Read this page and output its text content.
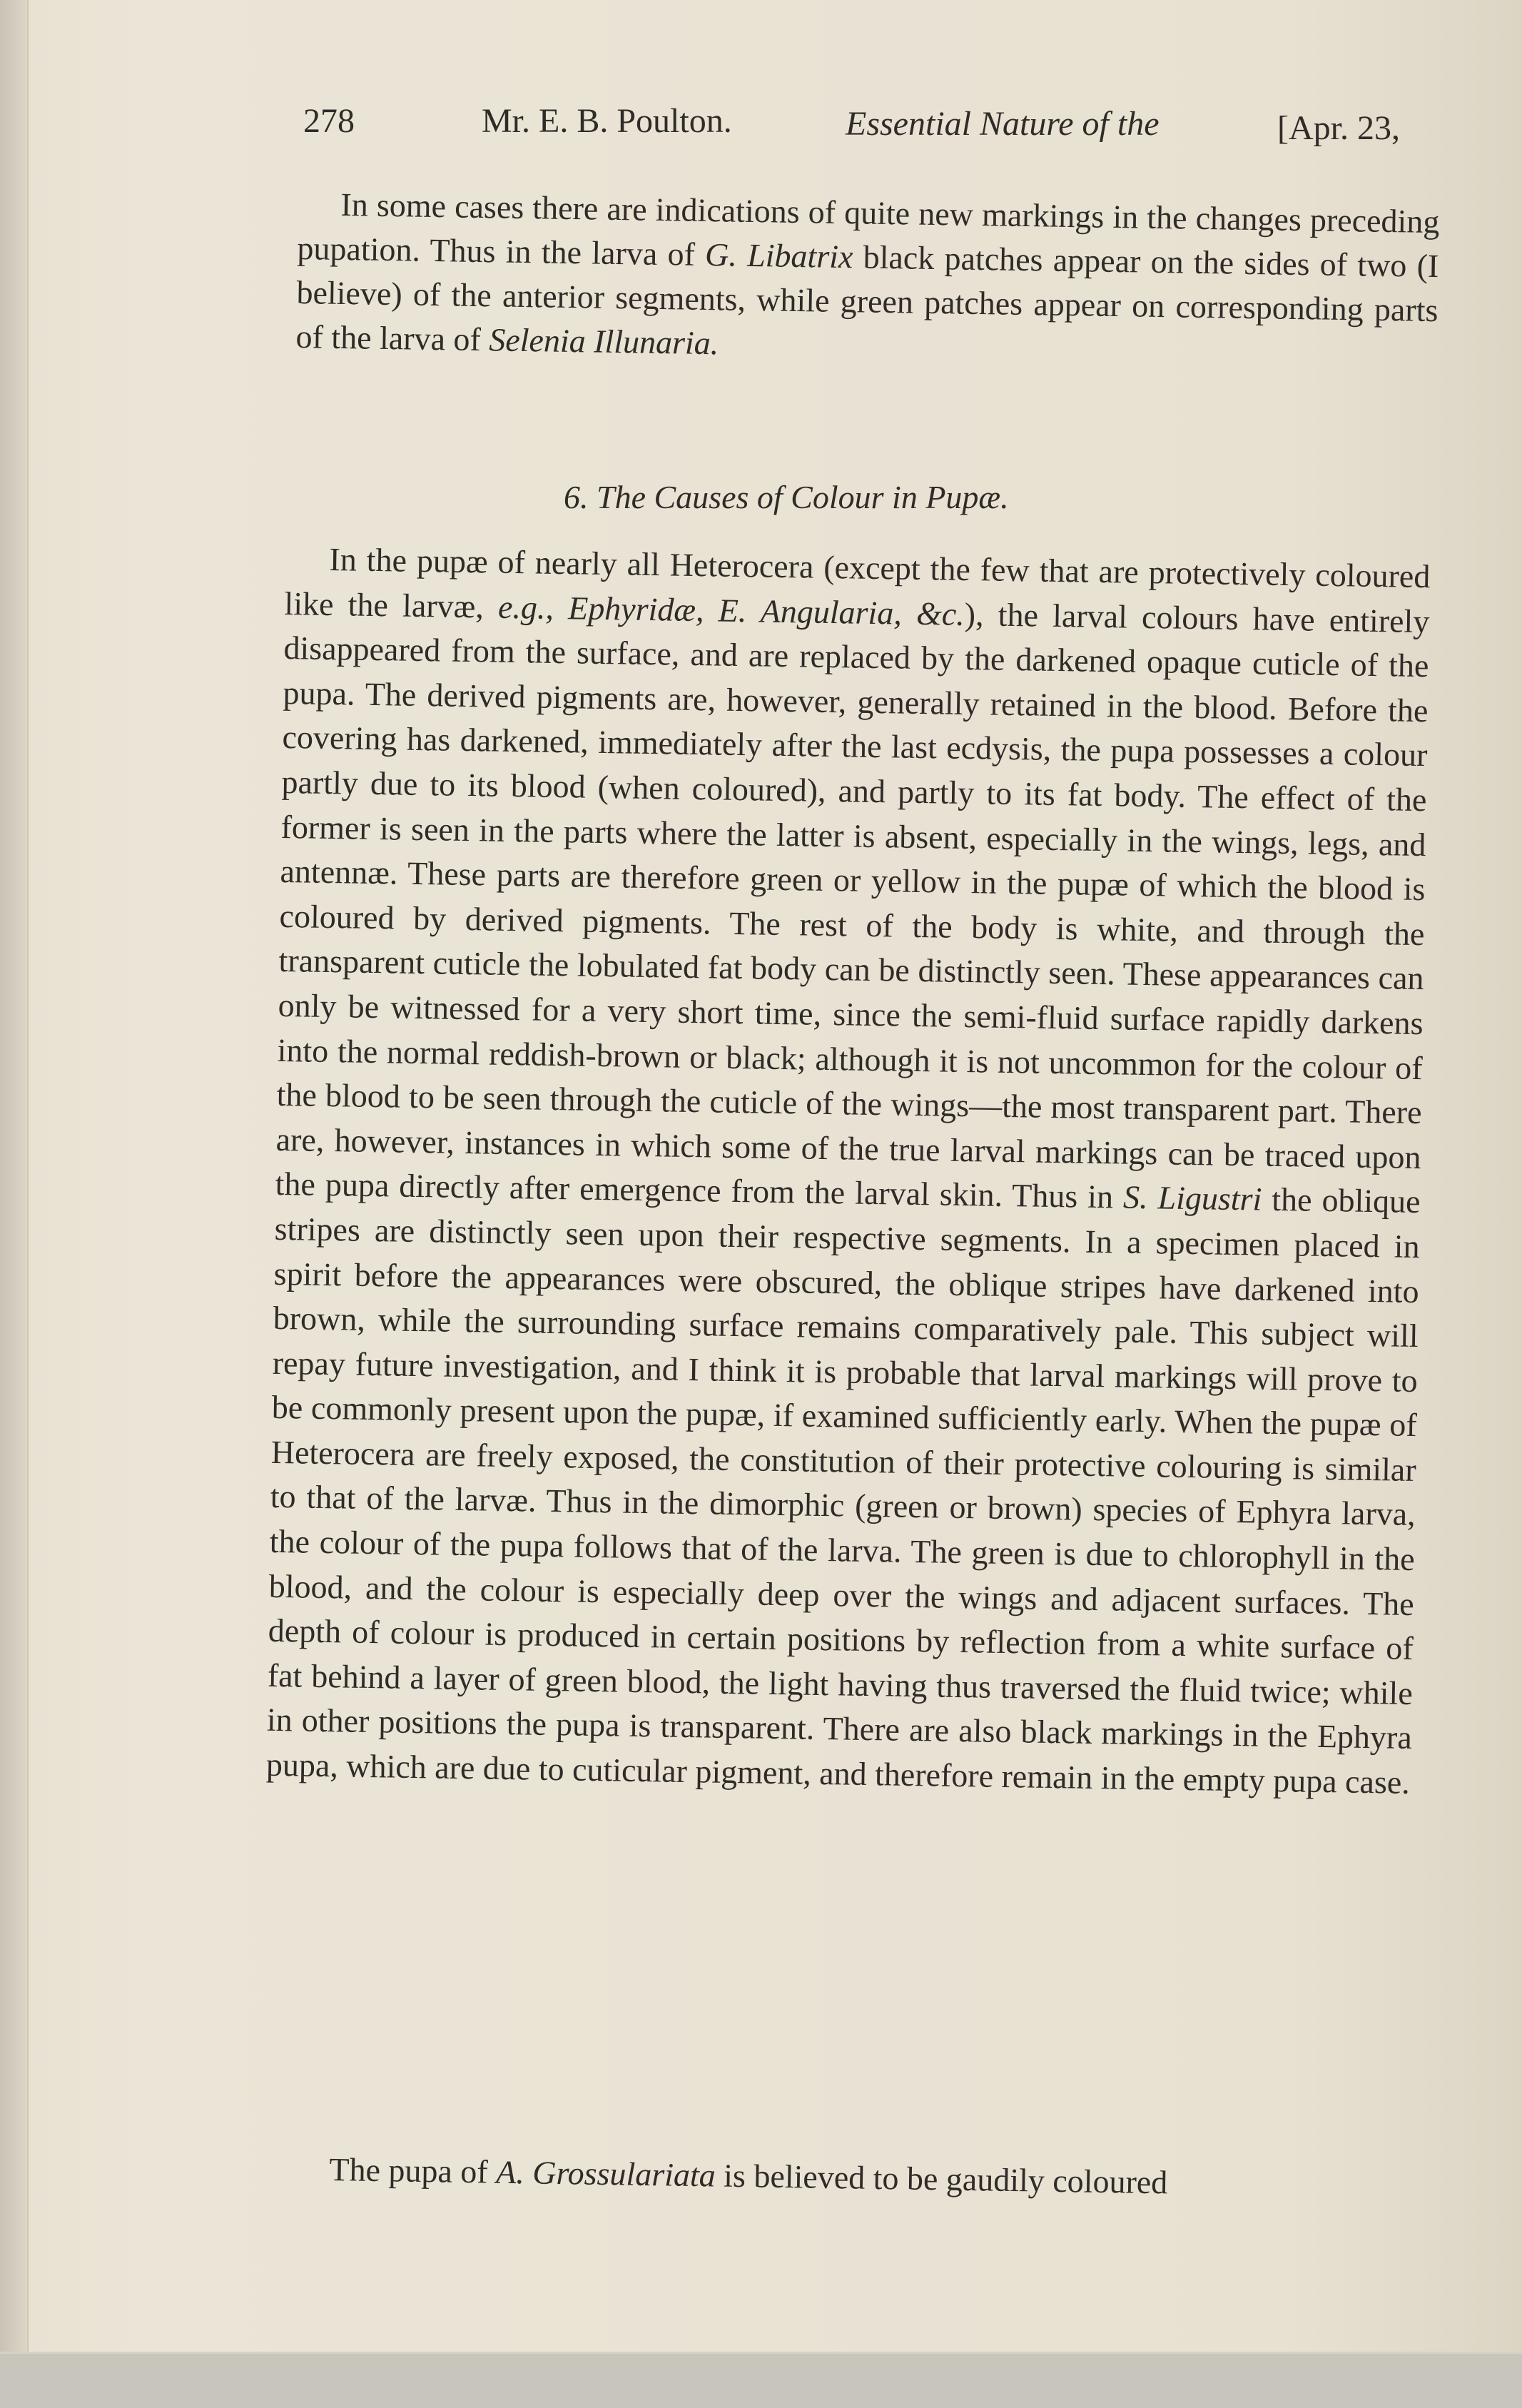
278	Mr. E. B. Poulton.	Essential Nature of the	[Apr. 23,

In some cases there are indications of quite new markings in the changes preceding pupation. Thus in the larva of G. Libatrix black patches appear on the sides of two (I believe) of the anterior segments, while green patches appear on corresponding parts of the larva of Selenia Illunaria.

6. The Causes of Colour in Pupæ.

In the pupæ of nearly all Heterocera (except the few that are protectively coloured like the larvæ, e.g., Ephyridæ, E. Angularia, &c.), the larval colours have entirely disappeared from the surface, and are replaced by the darkened opaque cuticle of the pupa. The derived pigments are, however, generally retained in the blood. Before the covering has darkened, immediately after the last ecdysis, the pupa possesses a colour partly due to its blood (when coloured), and partly to its fat body. The effect of the former is seen in the parts where the latter is absent, especially in the wings, legs, and antennæ. These parts are therefore green or yellow in the pupæ of which the blood is coloured by derived pigments. The rest of the body is white, and through the transparent cuticle the lobulated fat body can be distinctly seen. These appearances can only be witnessed for a very short time, since the semi-fluid surface rapidly darkens into the normal reddish-brown or black; although it is not uncommon for the colour of the blood to be seen through the cuticle of the wings—the most transparent part. There are, however, instances in which some of the true larval markings can be traced upon the pupa directly after emergence from the larval skin. Thus in S. Ligustri the oblique stripes are distinctly seen upon their respective segments. In a specimen placed in spirit before the appearances were obscured, the oblique stripes have darkened into brown, while the surrounding surface remains comparatively pale. This subject will repay future investigation, and I think it is probable that larval markings will prove to be commonly present upon the pupæ, if examined sufficiently early. When the pupæ of Heterocera are freely exposed, the constitution of their protective colouring is similar to that of the larvæ. Thus in the dimorphic (green or brown) species of Ephyra larva, the colour of the pupa follows that of the larva. The green is due to chlorophyll in the blood, and the colour is especially deep over the wings and adjacent surfaces. The depth of colour is produced in certain positions by reflection from a white surface of fat behind a layer of green blood, the light having thus traversed the fluid twice; while in other positions the pupa is transparent. There are also black markings in the Ephyra pupa, which are due to cuticular pigment, and therefore remain in the empty pupa case.

The pupa of A. Grossulariata is believed to be gaudily coloured
